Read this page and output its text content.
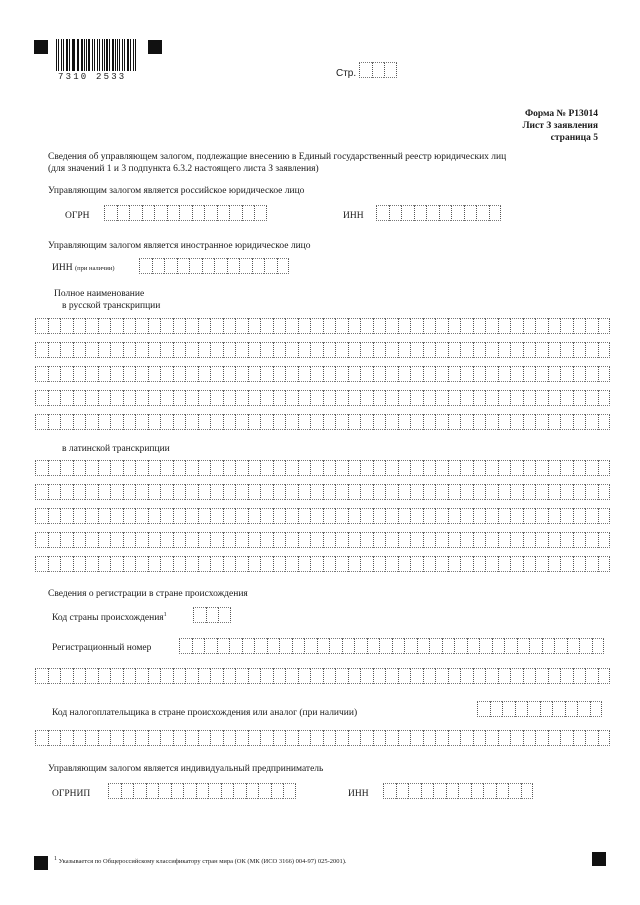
7310 2533	Стр.
Форма № Р13014
Лист З заявления
страница 5
Сведения об управляющем залогом, подлежащие внесению в Единый государственный реестр юридических лиц
(для значений 1 и 3 подпункта 6.3.2 настоящего листа З заявления)
Управляющим залогом является российское юридическое лицо
ОГРН	ИНН
Управляющим залогом является иностранное юридическое лицо
ИНН (при наличии)
Полное наименование
в русской транскрипции
в латинской транскрипции
Сведения о регистрации в стране происхождения
Код страны происхождения$^1$
Регистрационный номер
Код налогоплательщика в стране происхождения или аналог (при наличии)
Управляющим залогом является индивидуальный предприниматель
ОГРНИП	ИНН
$^1$ Указывается по Общероссийскому классификатору стран мира (ОК (МК (ИСО 3166) 004-97) 025-2001).
